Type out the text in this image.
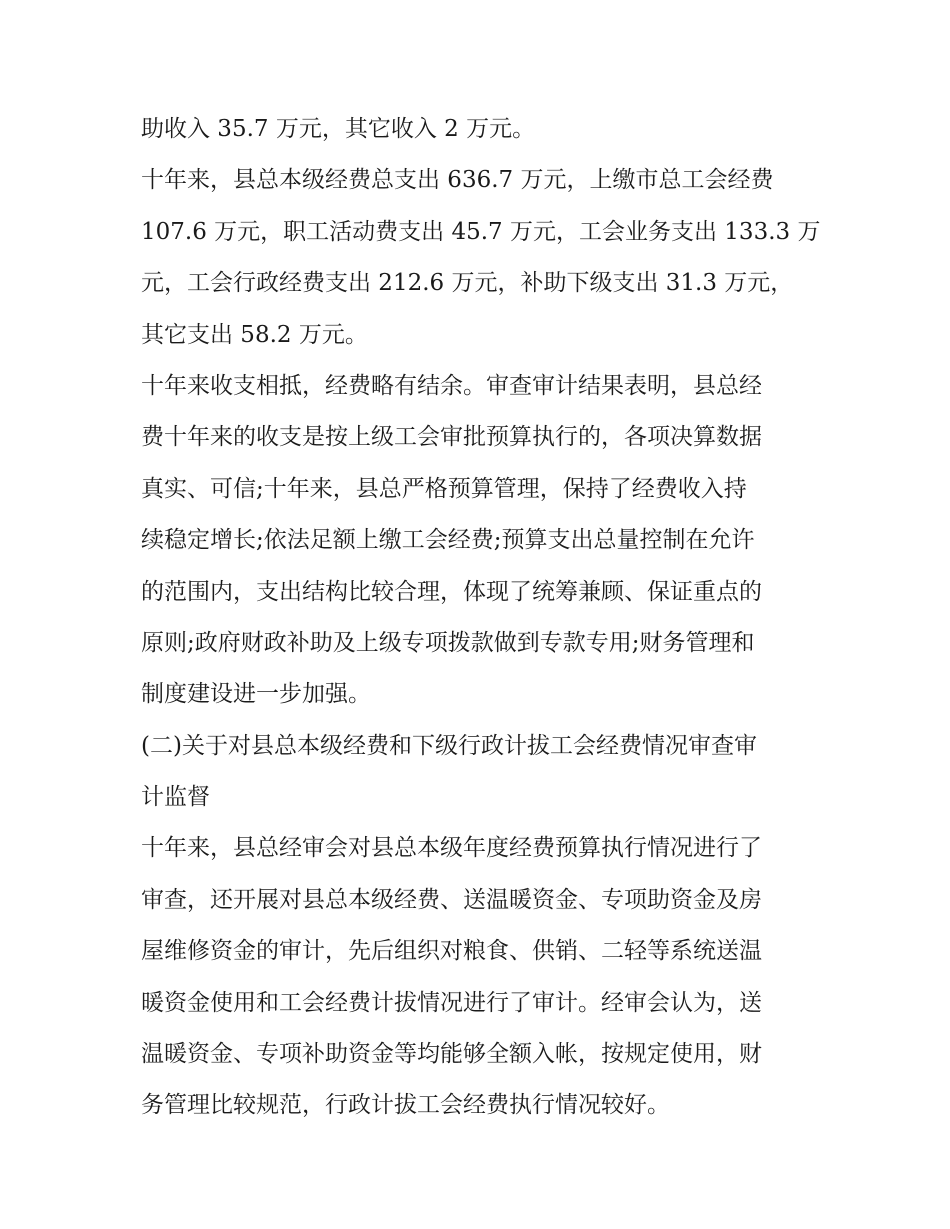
助收入 35.7 万元，其它收入 2 万元。
十年来，县总本级经费总支出 636.7 万元，上缴市总工会经费
107.6 万元，职工活动费支出 45.7 万元，工会业务支出 133.3 万
元，工会行政经费支出 212.6 万元，补助下级支出 31.3 万元，
其它支出 58.2 万元。
十年来收支相抵，经费略有结余。审查审计结果表明，县总经
费十年来的收支是按上级工会审批预算执行的，各项决算数据
真实、可信;十年来，县总严格预算管理，保持了经费收入持
续稳定增长;依法足额上缴工会经费;预算支出总量控制在允许
的范围内，支出结构比较合理，体现了统筹兼顾、保证重点的
原则;政府财政补助及上级专项拨款做到专款专用;财务管理和
制度建设进一步加强。
(二)关于对县总本级经费和下级行政计拔工会经费情况审查审
计监督
十年来，县总经审会对县总本级年度经费预算执行情况进行了
审查，还开展对县总本级经费、送温暖资金、专项助资金及房
屋维修资金的审计，先后组织对粮食、供销、二轻等系统送温
暖资金使用和工会经费计拔情况进行了审计。经审会认为，送
温暖资金、专项补助资金等均能够全额入帐，按规定使用，财
务管理比较规范，行政计拔工会经费执行情况较好。
